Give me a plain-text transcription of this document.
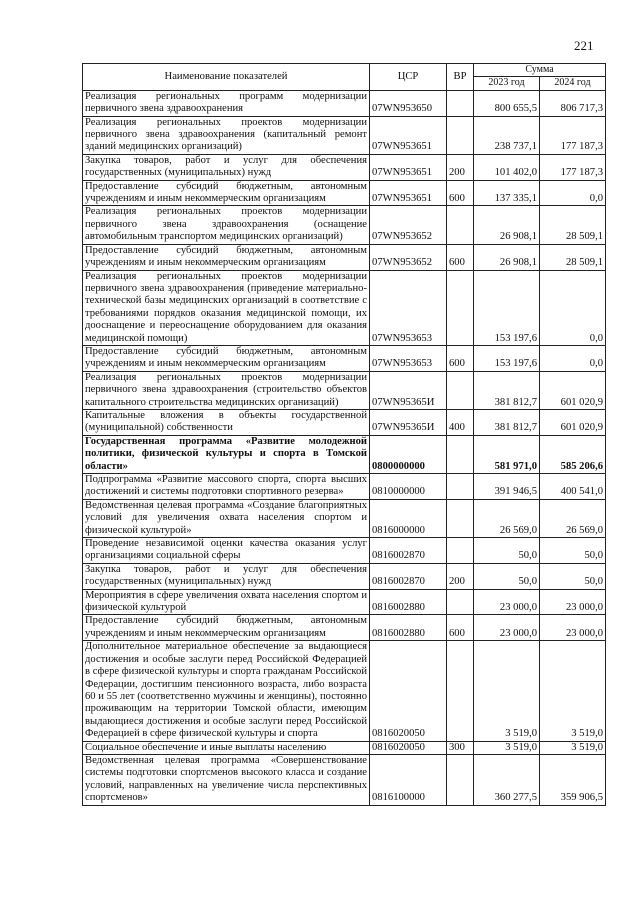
221
Наименование показателей	ЦСР	ВР	Сумма	
			2023 год	2024 год
Реализация региональных программ модернизации первичного звена здравоохранения	07WN953650		800 655,5	806 717,3
Реализация региональных проектов модернизации первичного звена здравоохранения (капитальный ремонт зданий медицинских организаций)	07WN953651		238 737,1	177 187,3
Закупка товаров, работ и услуг для обеспечения государственных (муниципальных) нужд	07WN953651	200	101 402,0	177 187,3
Предоставление субсидий бюджетным, автономным учреждениям и иным некоммерческим организациям	07WN953651	600	137 335,1	0,0
Реализация региональных проектов модернизации первичного звена здравоохранения (оснащение автомобильным транспортом медицинских организаций)	07WN953652		26 908,1	28 509,1
Предоставление субсидий бюджетным, автономным учреждениям и иным некоммерческим организациям	07WN953652	600	26 908,1	28 509,1
Реализация региональных проектов модернизации первичного звена здравоохранения (приведение материально-технической базы медицинских организаций в соответствие с требованиями порядков оказания медицинской помощи, их дооснащение и переоснащение оборудованием для оказания медицинской помощи)	07WN953653		153 197,6	0,0
Предоставление субсидий бюджетным, автономным учреждениям и иным некоммерческим организациям	07WN953653	600	153 197,6	0,0
Реализация региональных проектов модернизации первичного звена здравоохранения (строительство объектов капитального строительства медицинских организаций)	07WN95365И		381 812,7	601 020,9
Капитальные вложения в объекты государственной (муниципальной) собственности	07WN95365И	400	381 812,7	601 020,9
Государственная программа «Развитие молодежной политики, физической культуры и спорта в Томской области»	0800000000		581 971,0	585 206,6
Подпрограмма «Развитие массового спорта, спорта высших достижений и системы подготовки спортивного резерва»	0810000000		391 946,5	400 541,0
Ведомственная целевая программа «Создание благоприятных условий для увеличения охвата населения спортом и физической культурой»	0816000000		26 569,0	26 569,0
Проведение независимой оценки качества оказания услуг организациями социальной сферы	0816002870		50,0	50,0
Закупка товаров, работ и услуг для обеспечения государственных (муниципальных) нужд	0816002870	200	50,0	50,0
Мероприятия в сфере увеличения охвата населения спортом и физической культурой	0816002880		23 000,0	23 000,0
Предоставление субсидий бюджетным, автономным учреждениям и иным некоммерческим организациям	0816002880	600	23 000,0	23 000,0
Дополнительное материальное обеспечение за выдающиеся достижения и особые заслуги перед Российской Федерацией в сфере физической культуры и спорта гражданам Российской Федерации, достигшим пенсионного возраста, либо возраста 60 и 55 лет (соответственно мужчины и женщины), постоянно проживающим на территории Томской области, имеющим выдающиеся достижения и особые заслуги перед Российской Федерацией в сфере физической культуры и спорта	0816020050		3 519,0	3 519,0
Социальное обеспечение и иные выплаты населению	0816020050	300	3 519,0	3 519,0
Ведомственная целевая программа «Совершенствование системы подготовки спортсменов высокого класса и создание условий, направленных на увеличение числа перспективных спортсменов»	0816100000		360 277,5	359 906,5
